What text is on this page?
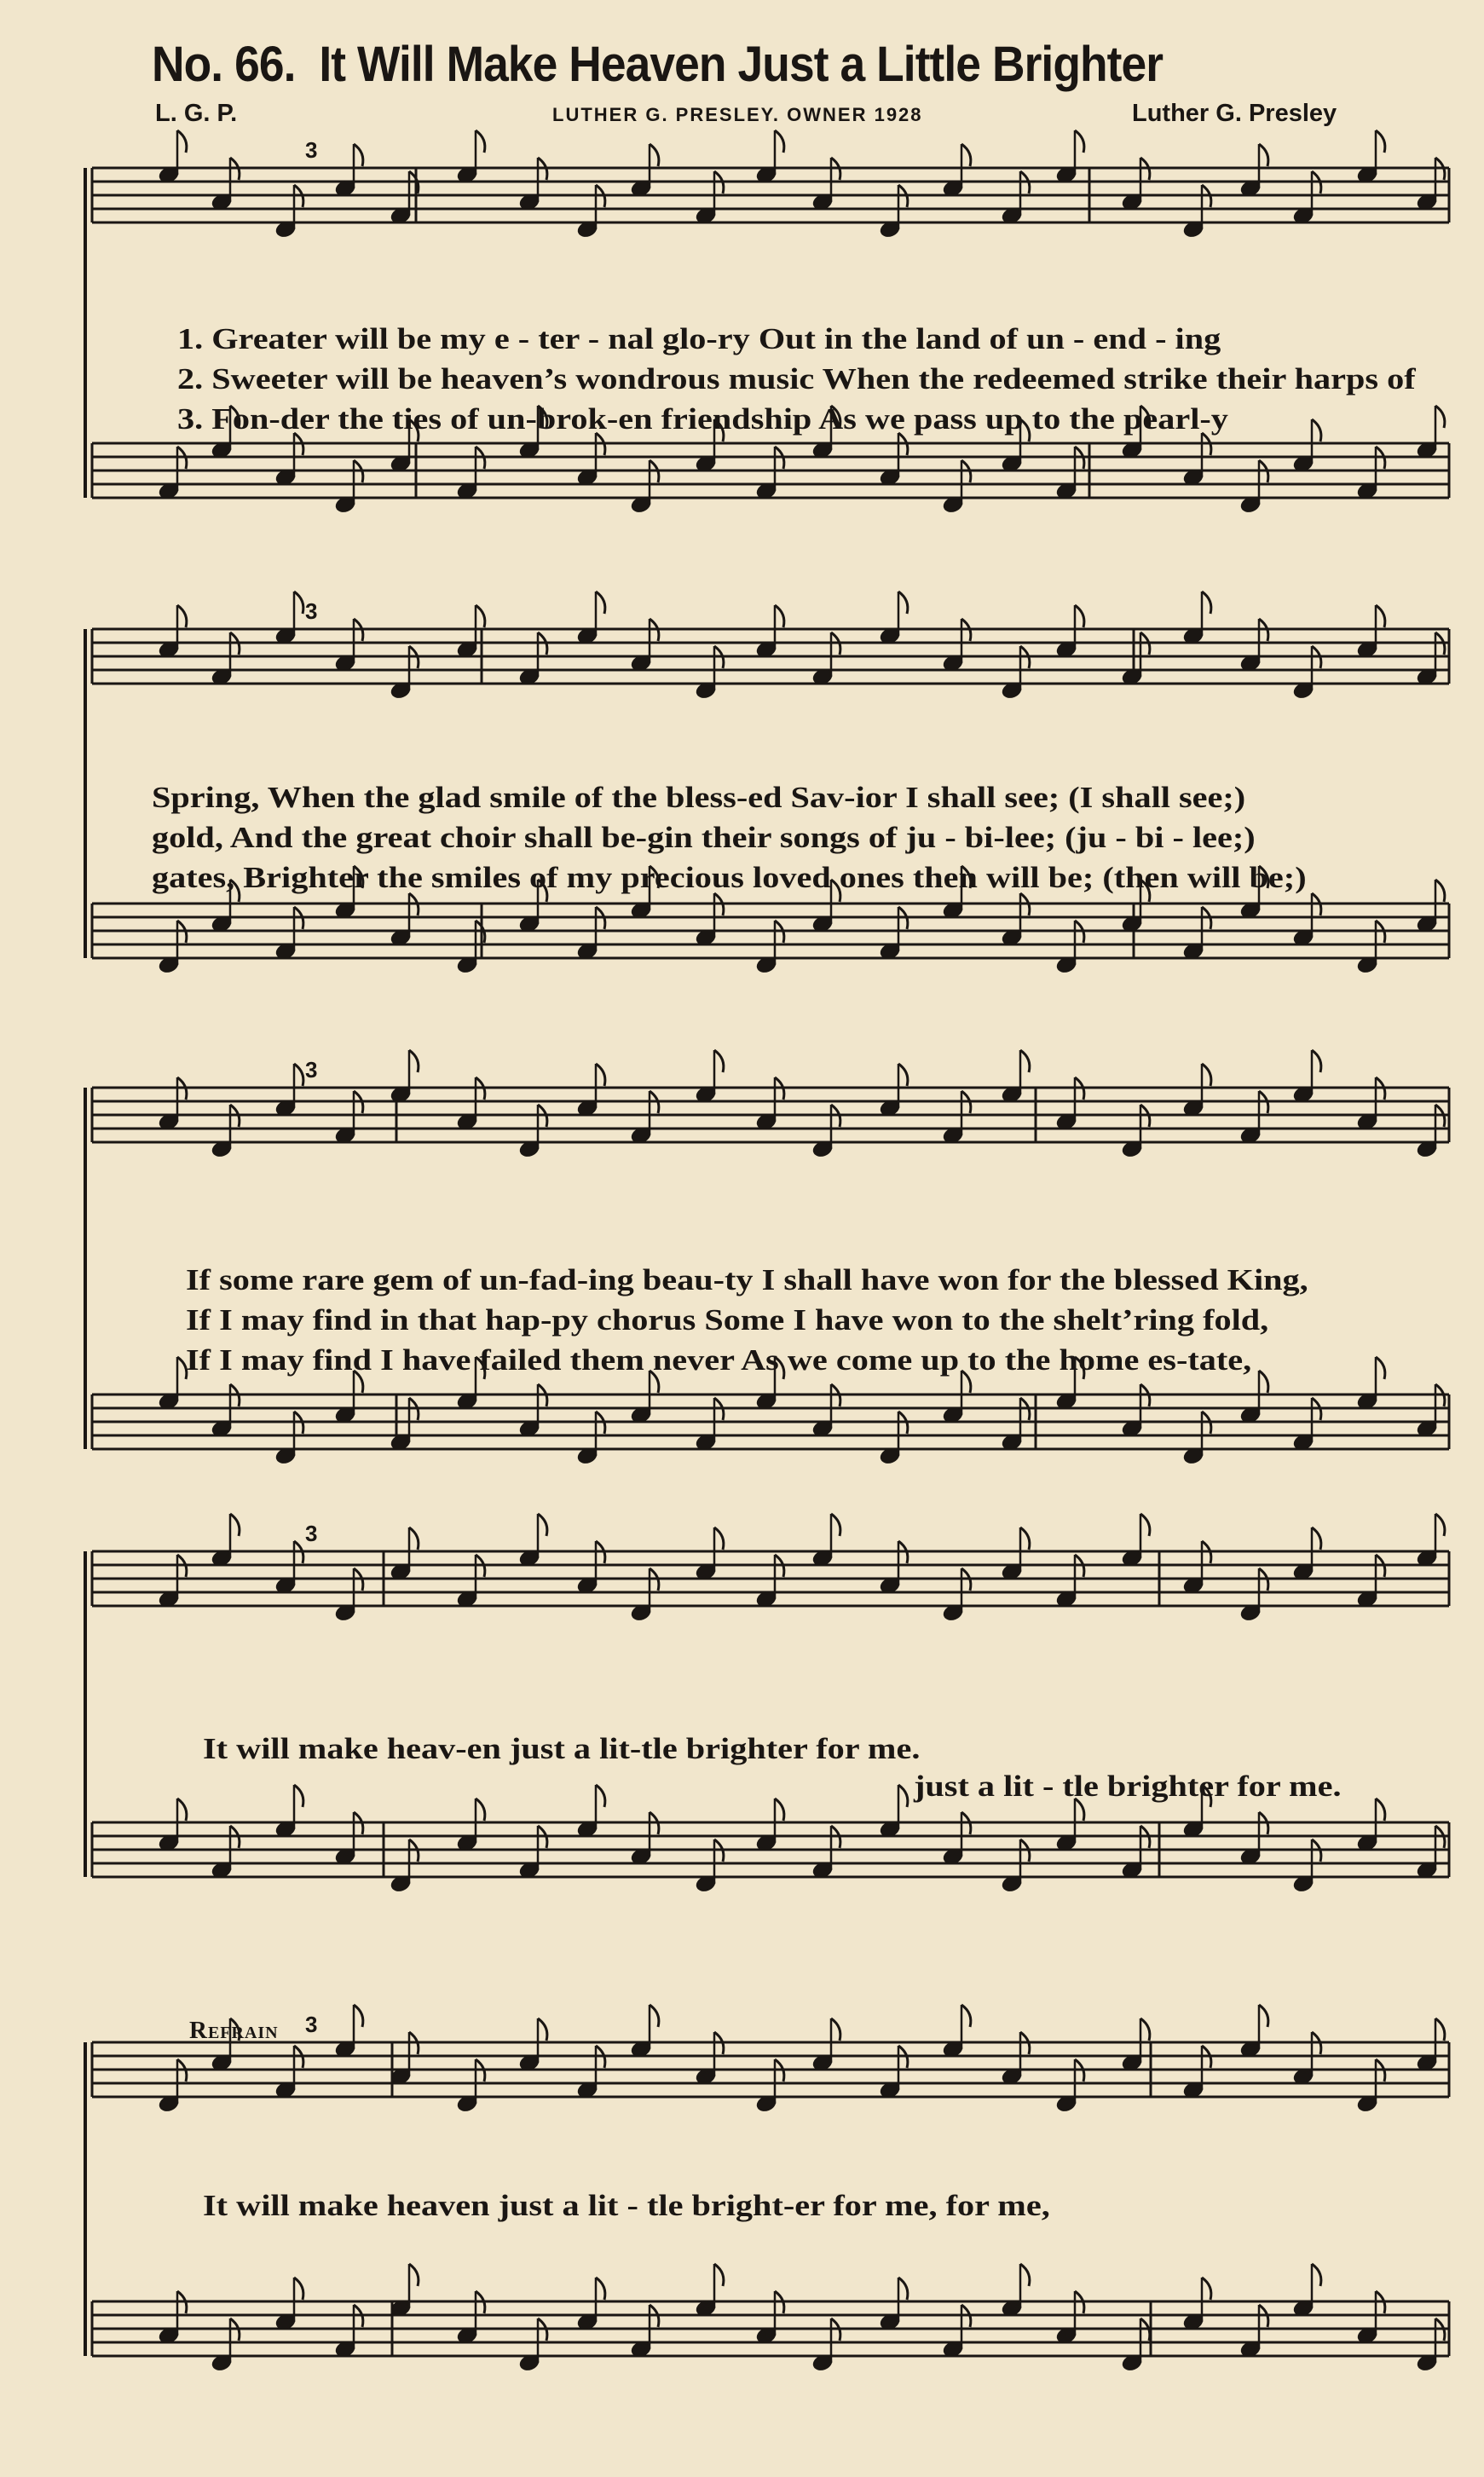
No. 66. It Will Make Heaven Just a Little Brighter
L. G. P.	LUTHER G. PRESLEY. OWNER 1928	Luther G. Presley
3
3
3
3
3
1. Greater will be my e - ter - nal glo-ry Out in the land of un - end - ing
2. Sweeter will be heaven’s wondrous music When the redeemed strike their harps of
3. Fon-der the ties of un-brok-en friendship As we pass up to the pearl-y
Spring, When the glad smile of the bless-ed Sav-ior I shall see; (I shall see;)
gold, And the great choir shall be-gin their songs of ju - bi-lee; (ju - bi - lee;)
gates, Brighter the smiles of my precious loved ones then will be; (then will be;)
If some rare gem of un-fad-ing beau-ty I shall have won for the blessed King,
If I may find in that hap-py chorus Some I have won to the shelt’ring fold,
If I may find I have failed them never As we come up to the home es-tate,
It will make heav-en just a lit-tle brighter for me.
just a lit - tle brighter for me.
Refrain
It will make heaven just a lit - tle bright-er for me, for me,
